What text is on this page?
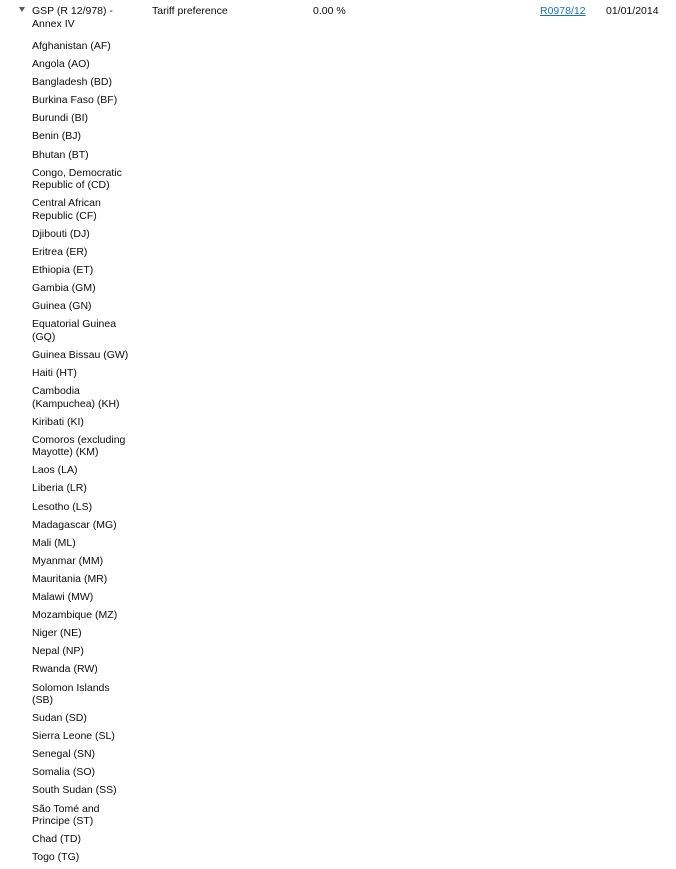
GSP (R 12/978) - Annex IV
Tariff preference	0.00 %	R0978/12 01/01/2014
Afghanistan (AF)
Angola (AO)
Bangladesh (BD)
Burkina Faso (BF)
Burundi (BI)
Benin (BJ)
Bhutan (BT)
Congo, Democratic Republic of (CD)
Central African Republic (CF)
Djibouti (DJ)
Eritrea (ER)
Ethiopia (ET)
Gambia (GM)
Guinea (GN)
Equatorial Guinea (GQ)
Guinea Bissau (GW)
Haiti (HT)
Cambodia (Kampuchea) (KH)
Kiribati (KI)
Comoros (excluding Mayotte) (KM)
Laos (LA)
Liberia (LR)
Lesotho (LS)
Madagascar (MG)
Mali (ML)
Myanmar (MM)
Mauritania (MR)
Malawi (MW)
Mozambique (MZ)
Niger (NE)
Nepal (NP)
Rwanda (RW)
Solomon Islands (SB)
Sudan (SD)
Sierra Leone (SL)
Senegal (SN)
Somalia (SO)
South Sudan (SS)
São Tomé and Principe (ST)
Chad (TD)
Togo (TG)
